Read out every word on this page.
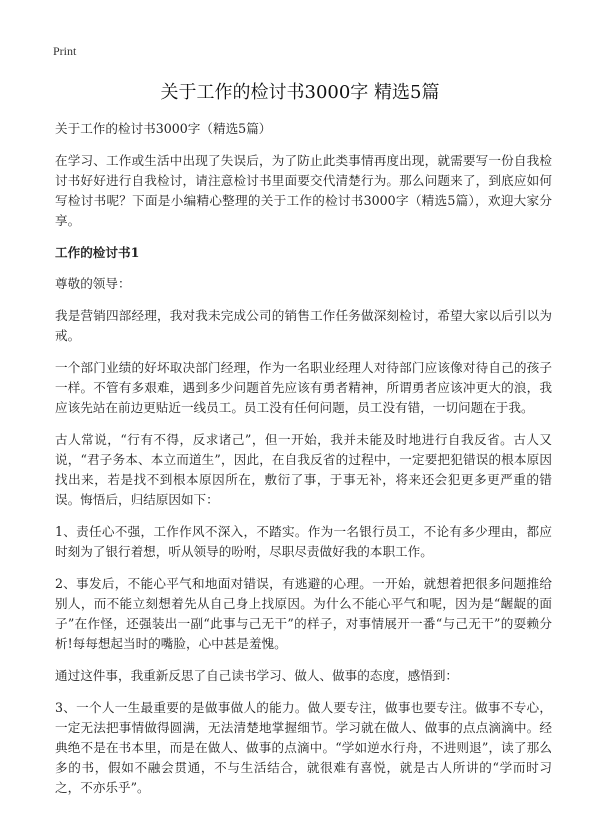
Print
关于工作的检讨书3000字 精选5篇

关于工作的检讨书3000字（精选5篇）

在学习、工作或生活中出现了失误后，为了防止此类事情再度出现，就需要写一份自我检讨书好好进行自我检讨，请注意检讨书里面要交代清楚行为。那么问题来了，到底应如何写检讨书呢？下面是小编精心整理的关于工作的检讨书3000字（精选5篇），欢迎大家分享。

工作的检讨书1

尊敬的领导：

我是营销四部经理，我对我未完成公司的销售工作任务做深刻检讨，希望大家以后引以为戒。

一个部门业绩的好坏取决部门经理，作为一名职业经理人对待部门应该像对待自己的孩子一样。不管有多艰难，遇到多少问题首先应该有勇者精神，所谓勇者应该冲更大的浪，我应该先站在前边更贴近一线员工。员工没有任何问题，员工没有错，一切问题在于我。

古人常说，“行有不得，反求诸己”，但一开始，我并未能及时地进行自我反省。古人又说，“君子务本、本立而道生”，因此，在自我反省的过程中，一定要把犯错误的根本原因找出来，若是找不到根本原因所在，敷衍了事，于事无补，将来还会犯更多更严重的错误。悔悟后，归结原因如下：

1、责任心不强，工作作风不深入，不踏实。作为一名银行员工，不论有多少理由，都应时刻为了银行着想，听从领导的吩咐，尽职尽责做好我的本职工作。

2、事发后，不能心平气和地面对错误，有逃避的心理。一开始，就想着把很多问题推给别人，而不能立刻想着先从自己身上找原因。为什么不能心平气和呢，因为是“龌龊的面子”在作怪，还强装出一副“此事与己无干”的样子，对事情展开一番“与己无干”的耍赖分析!每每想起当时的嘴脸，心中甚是羞愧。

通过这件事，我重新反思了自己读书学习、做人、做事的态度，感悟到：

3、一个人一生最重要的是做事做人的能力。做人要专注，做事也要专注。做事不专心，一定无法把事情做得圆满，无法清楚地掌握细节。学习就在做人、做事的点点滴滴中。经典绝不是在书本里，而是在做人、做事的点滴中。“学如逆水行舟，不进则退”，读了那么多的书，假如不融会贯通，不与生活结合，就很难有喜悦，就是古人所讲的“学而时习之，不亦乐乎”。
